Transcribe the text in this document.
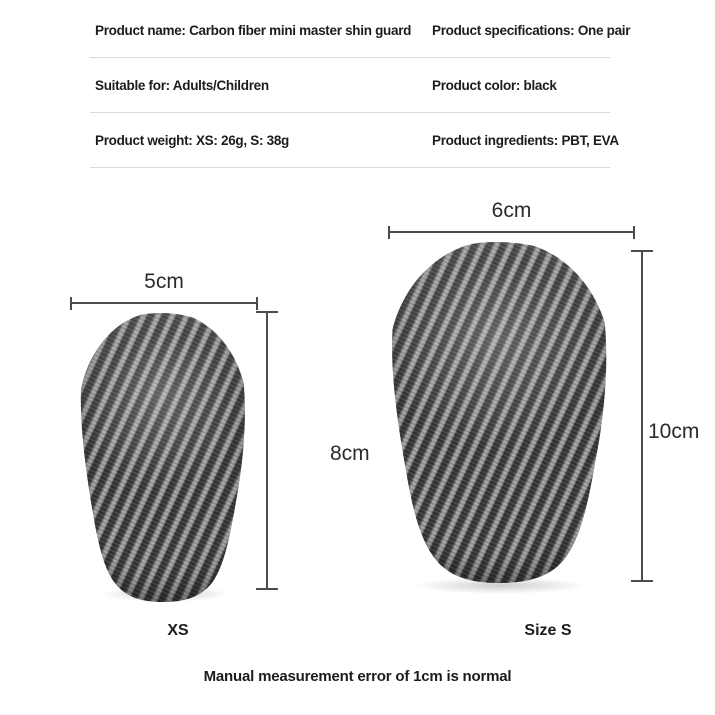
Product name: Carbon fiber mini master shin guard	Product specifications: One pair
Suitable for: Adults/Children	Product color: black
Product weight: XS: 26g, S: 38g	Product ingredients: PBT, EVA
5cm
8cm
XS
6cm
10cm
Size S
Manual measurement error of 1cm is normal
